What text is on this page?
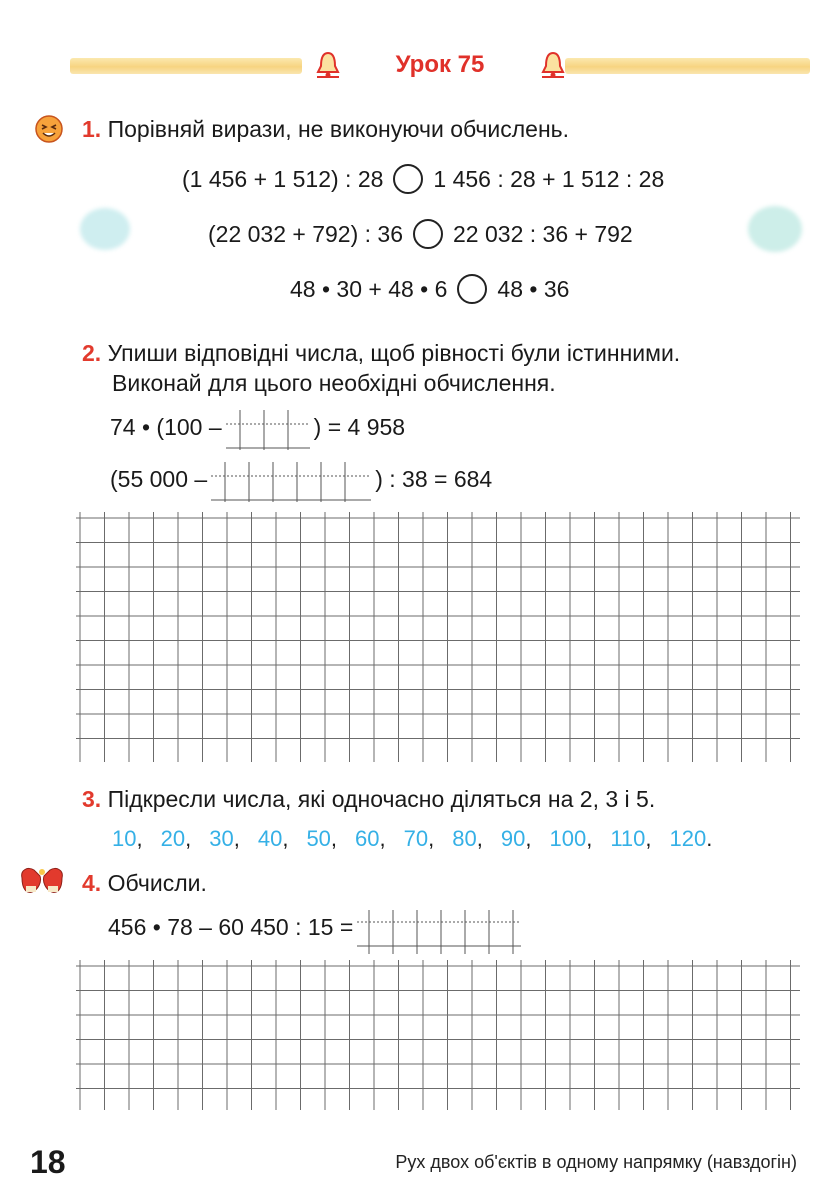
Урок 75
1. Порівняй вирази, не виконуючи обчислень.
(1 456 + 1 512) : 28 1 456 : 28 + 1 512 : 28
(22 032 + 792) : 36 22 032 : 36 + 792
48 • 30 + 48 • 6 48 • 36
2. Упиши відповідні числа, щоб рівності були істинними.
Виконай для цього необхідні обчислення.
74 • (100 –	) = 4 958
(55 000 –	) : 38 = 684
3. Підкресли числа, які одночасно діляться на 2, 3 і 5.
10 , 20 , 30 , 40 , 50 , 60 , 70 , 80 , 90 , 100 , 110 , 120 .
4. Обчисли.
456 • 78 – 60 450 : 15 =
18	Рух двох об'єктів в одному напрямку (навздогін)
